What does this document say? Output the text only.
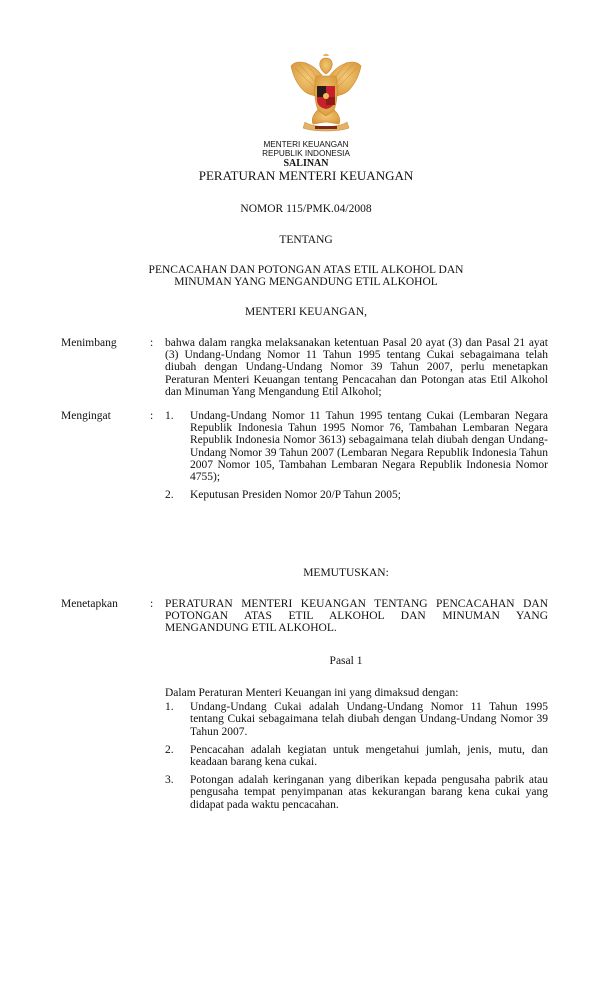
MENTERI KEUANGAN
REPUBLIK INDONESIA
SALINAN
PERATURAN MENTERI KEUANGAN
NOMOR 115/PMK.04/2008
TENTANG
PENCACAHAN DAN POTONGAN ATAS ETIL ALKOHOL DAN
MINUMAN YANG MENGANDUNG ETIL ALKOHOL
MENTERI KEUANGAN,
Menimbang	: bahwa dalam rangka melaksanakan ketentuan Pasal 20 ayat (3) dan Pasal 21 ayat (3) Undang-Undang Nomor 11 Tahun 1995 tentang Cukai sebagaimana telah diubah dengan Undang-Undang Nomor 39 Tahun 2007, perlu menetapkan Peraturan Menteri Keuangan tentang Pencacahan dan Potongan atas Etil Alkohol dan Minuman Yang Mengandung Etil Alkohol;
Mengingat	: 1. Undang-Undang Nomor 11 Tahun 1995 tentang Cukai (Lembaran Negara Republik Indonesia Tahun 1995 Nomor 76, Tambahan Lembaran Negara Republik Indonesia Nomor 3613) sebagaimana telah diubah dengan Undang-Undang Nomor 39 Tahun 2007 (Lembaran Negara Republik Indonesia Tahun 2007 Nomor 105, Tambahan Lembaran Negara Republik Indonesia Nomor 4755);
2. Keputusan Presiden Nomor 20/P Tahun 2005;
MEMUTUSKAN:
Menetapkan	: PERATURAN MENTERI KEUANGAN TENTANG PENCACAHAN DAN POTONGAN ATAS ETIL ALKOHOL DAN MINUMAN YANG MENGANDUNG ETIL ALKOHOL.
Pasal 1
Dalam Peraturan Menteri Keuangan ini yang dimaksud dengan:
1. Undang-Undang Cukai adalah Undang-Undang Nomor 11 Tahun 1995 tentang Cukai sebagaimana telah diubah dengan Undang-Undang Nomor 39 Tahun 2007.
2. Pencacahan adalah kegiatan untuk mengetahui jumlah, jenis, mutu, dan keadaan barang kena cukai.
3. Potongan adalah keringanan yang diberikan kepada pengusaha pabrik atau pengusaha tempat penyimpanan atas kekurangan barang kena cukai yang didapat pada waktu pencacahan.
